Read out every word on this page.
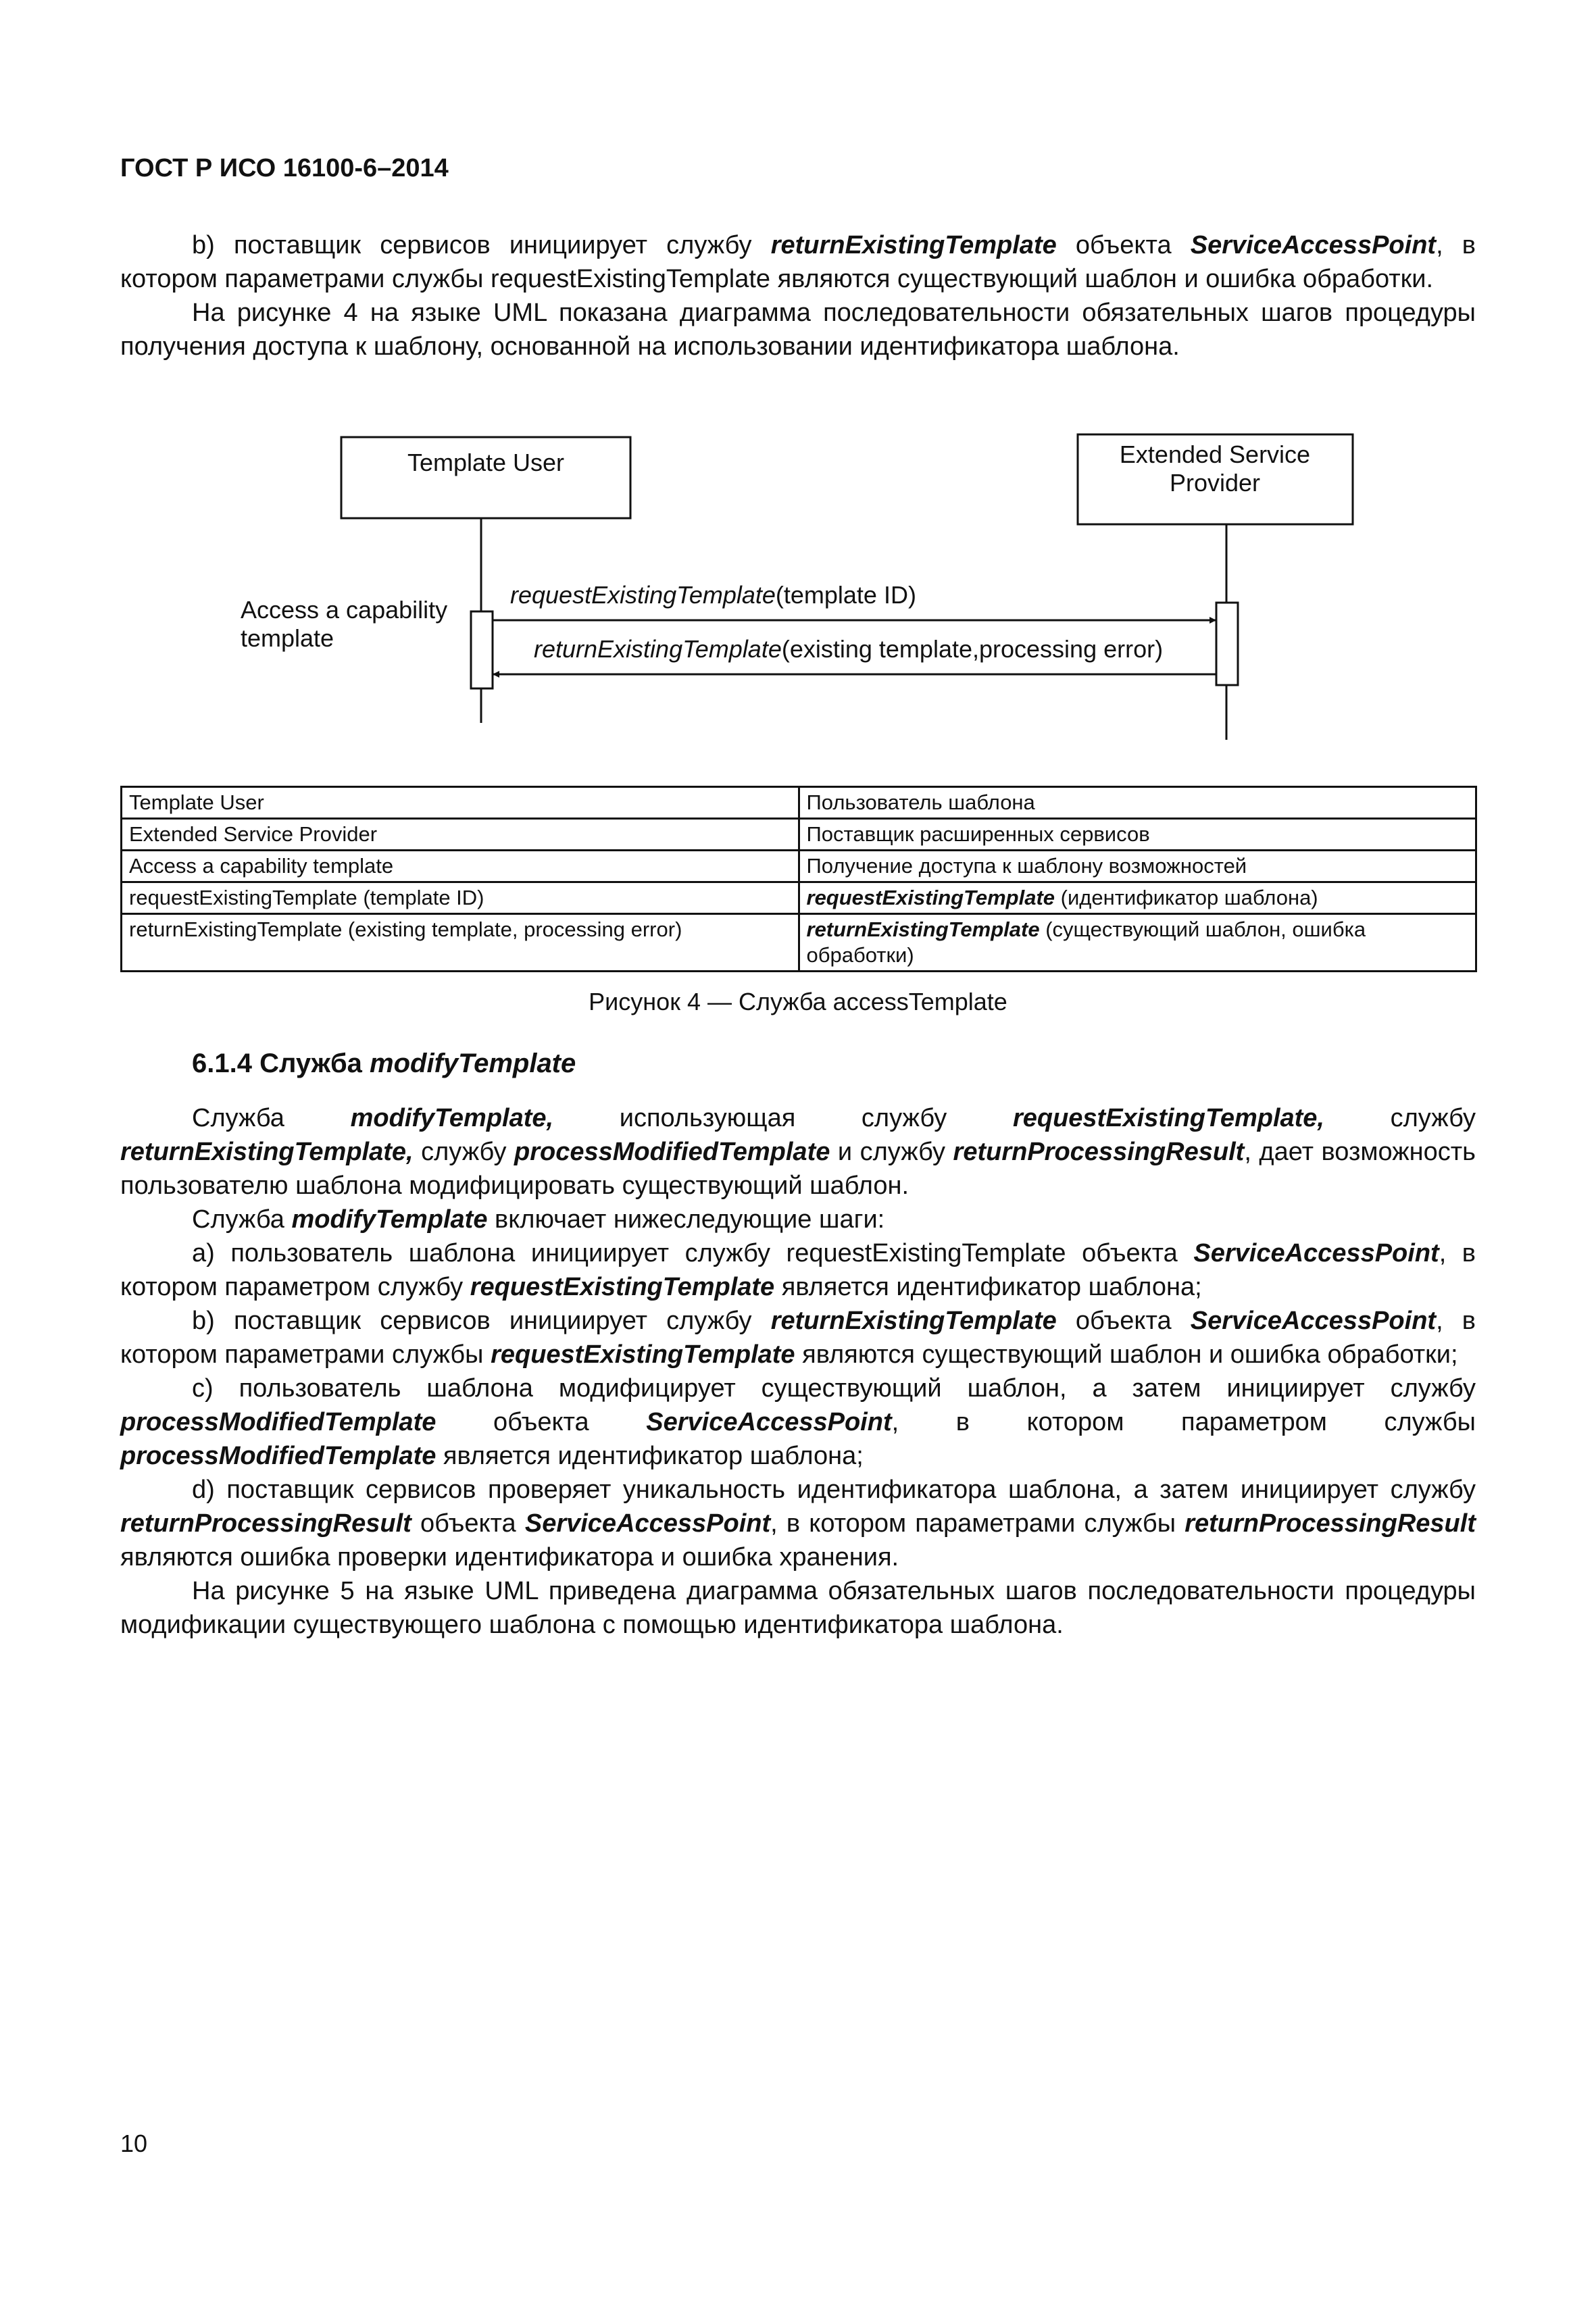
ГОСТ Р ИСО 16100-6–2014

b) поставщик сервисов инициирует службу returnExistingTemplate объекта ServiceAccessPoint, в котором параметрами службы requestExistingTemplate являются существующий шаблон и ошибка обработки.

На рисунке 4 на языке UML показана диаграмма последовательности обязательных шагов процедуры получения доступа к шаблону, основанной на использовании идентификатора шаблона.

Template User	Extended Service
Provider
Access a capability
template
requestExistingTemplate(template ID)
returnExistingTemplate(existing template,processing error)
Template User	Пользователь шаблона
Extended Service Provider	Поставщик расширенных сервисов
Access a capability template	Получение доступа к шаблону возможностей
requestExistingTemplate (template ID)	requestExistingTemplate (идентификатор шаблона)
returnExistingTemplate (existing template, processing error)	returnExistingTemplate (существующий шаблон, ошибка обработки)
Рисунок 4 — Служба accessTemplate
6.1.4 Служба modifyTemplate

Служба modifyTemplate, использующая службу requestExistingTemplate, службу returnExistingTemplate, службу processModifiedTemplate и службу returnProcessingResult, дает возможность пользователю шаблона модифицировать существующий шаблон.

Служба modifyTemplate включает нижеследующие шаги:

а) пользователь шаблона инициирует службу requestExistingTemplate объекта ServiceAccessPoint, в котором параметром службу requestExistingTemplate является идентификатор шаблона;

b) поставщик сервисов инициирует службу returnExistingTemplate объекта ServiceAccessPoint, в котором параметрами службы requestExistingTemplate являются существующий шаблон и ошибка обработки;

c) пользователь шаблона модифицирует существующий шаблон, а затем инициирует службу processModifiedTemplate объекта ServiceAccessPoint, в котором параметром службы processModifiedTemplate является идентификатор шаблона;

d) поставщик сервисов проверяет уникальность идентификатора шаблона, а затем инициирует службу returnProcessingResult объекта ServiceAccessPoint, в котором параметрами службы returnProcessingResult являются ошибка проверки идентификатора и ошибка хранения.

На рисунке 5 на языке UML приведена диаграмма обязательных шагов последовательности процедуры модификации существующего шаблона с помощью идентификатора шаблона.

10
